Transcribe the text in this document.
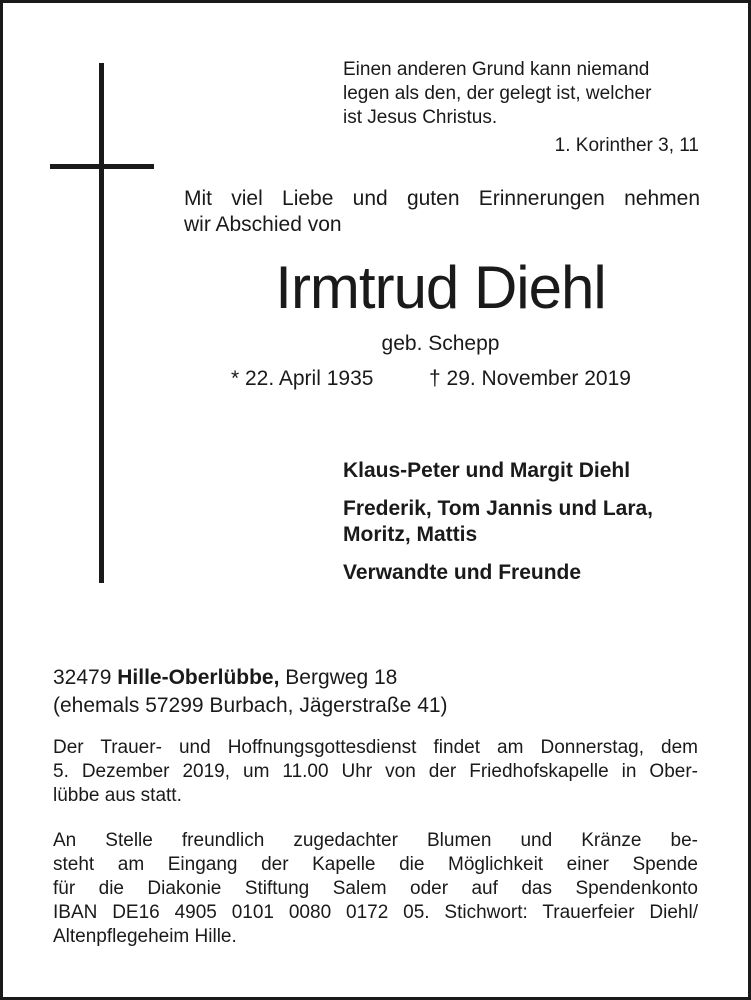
Einen anderen Grund kann niemand
legen als den, der gelegt ist, welcher
ist Jesus Christus.
1. Korinther 3, 11
Mit viel Liebe und guten Erinnerungen nehmen
wir Abschied von
Irmtrud Diehl
geb. Schepp
* 22. April 1935	† 29. November 2019
Klaus-Peter und Margit Diehl
Frederik, Tom Jannis und Lara,
Moritz, Mattis
Verwandte und Freunde
32479 Hille-Oberlübbe, Bergweg 18
(ehemals 57299 Burbach, Jägerstraße 41)
Der Trauer- und Hoffnungsgottesdienst findet am Donnerstag, dem
5. Dezember 2019, um 11.00 Uhr von der Friedhofskapelle in Ober-
lübbe aus statt.
An Stelle freundlich zugedachter Blumen und Kränze be-
steht am Eingang der Kapelle die Möglichkeit einer Spende
für die Diakonie Stiftung Salem oder auf das Spendenkonto
IBAN DE16 4905 0101 0080 0172 05. Stichwort: Trauerfeier Diehl/
Altenpflegeheim Hille.
